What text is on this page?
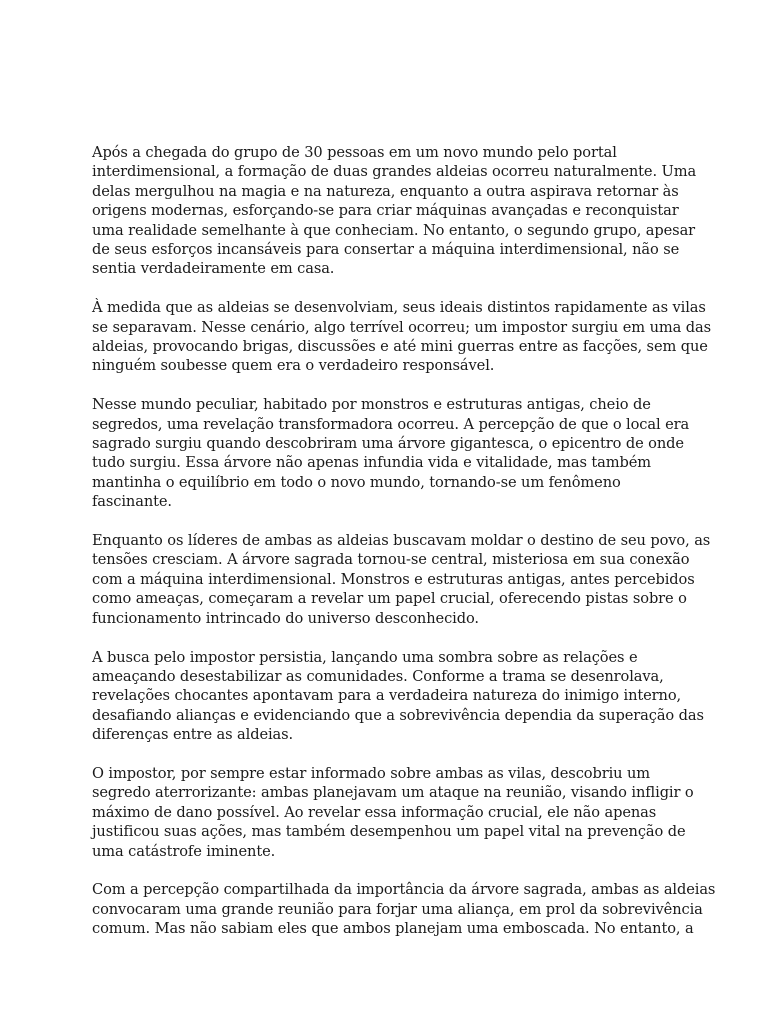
Após a chegada do grupo de 30 pessoas em um novo mundo pelo portal
interdimensional, a formação de duas grandes aldeias ocorreu naturalmente. Uma
delas mergulhou na magia e na natureza, enquanto a outra aspirava retornar às
origens modernas, esforçando-se para criar máquinas avançadas e reconquistar
uma realidade semelhante à que conheciam. No entanto, o segundo grupo, apesar
de seus esforços incansáveis para consertar a máquina interdimensional, não se
sentia verdadeiramente em casa.

À medida que as aldeias se desenvolviam, seus ideais distintos rapidamente as vilas
se separavam. Nesse cenário, algo terrível ocorreu; um impostor surgiu em uma das
aldeias, provocando brigas, discussões e até mini guerras entre as facções, sem que
ninguém soubesse quem era o verdadeiro responsável.

Nesse mundo peculiar, habitado por monstros e estruturas antigas, cheio de
segredos, uma revelação transformadora ocorreu. A percepção de que o local era
sagrado surgiu quando descobriram uma árvore gigantesca, o epicentro de onde
tudo surgiu. Essa árvore não apenas infundia vida e vitalidade, mas também
mantinha o equilíbrio em todo o novo mundo, tornando-se um fenômeno
fascinante.

Enquanto os líderes de ambas as aldeias buscavam moldar o destino de seu povo, as
tensões cresciam. A árvore sagrada tornou-se central, misteriosa em sua conexão
com a máquina interdimensional. Monstros e estruturas antigas, antes percebidos
como ameaças, começaram a revelar um papel crucial, oferecendo pistas sobre o
funcionamento intrincado do universo desconhecido.

A busca pelo impostor persistia, lançando uma sombra sobre as relações e
ameaçando desestabilizar as comunidades. Conforme a trama se desenrolava,
revelações chocantes apontavam para a verdadeira natureza do inimigo interno,
desafiando alianças e evidenciando que a sobrevivência dependia da superação das
diferenças entre as aldeias.

O impostor, por sempre estar informado sobre ambas as vilas, descobriu um
segredo aterrorizante: ambas planejavam um ataque na reunião, visando infligir o
máximo de dano possível. Ao revelar essa informação crucial, ele não apenas
justificou suas ações, mas também desempenhou um papel vital na prevenção de
uma catástrofe iminente.

Com a percepção compartilhada da importância da árvore sagrada, ambas as aldeias
convocaram uma grande reunião para forjar uma aliança, em prol da sobrevivência
comum. Mas não sabiam eles que ambos planejam uma emboscada. No entanto, a
